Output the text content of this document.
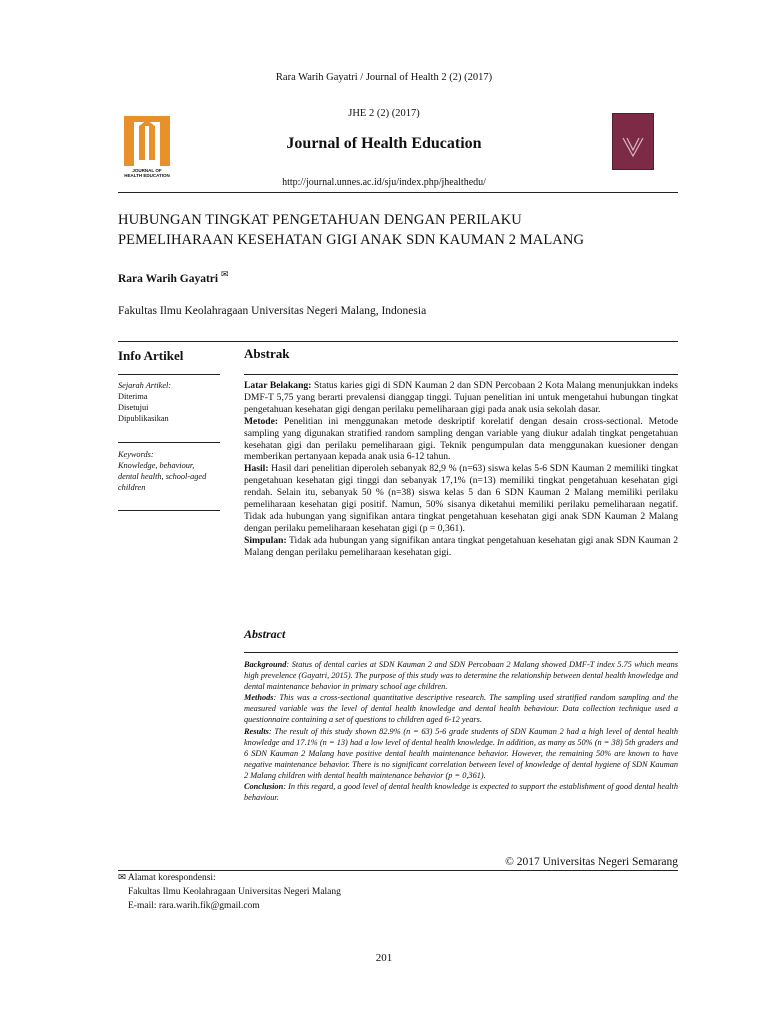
Rara Warih Gayatri / Journal of Health 2 (2) (2017)
JOURNAL OF
HEALTH EDUCATION
JHE 2 (2) (2017)
Journal of Health Education
http://journal.unnes.ac.id/sju/index.php/jhealthedu/
HUBUNGAN TINGKAT PENGETAHUAN DENGAN PERILAKU
PEMELIHARAAN KESEHATAN GIGI ANAK SDN KAUMAN 2 MALANG
Rara Warih Gayatri ✉
Fakultas Ilmu Keolahragaan Universitas Negeri Malang, Indonesia
Info Artikel	Abstrak
Sejarah Artikel:
Diterima
Disetujui
Dipublikasikan
Keywords:
Knowledge, behaviour,
dental health, school-aged
children

Latar Belakang: Status karies gigi di SDN Kauman 2 dan SDN Percobaan 2 Kota Malang menunjukkan indeks DMF-T 5,75 yang berarti prevalensi dianggap tinggi. Tujuan penelitian ini untuk mengetahui hubungan tingkat pengetahuan kesehatan gigi dengan perilaku pemeliharaan gigi pada anak usia sekolah dasar.

Metode: Penelitian ini menggunakan metode deskriptif korelatif dengan desain cross-sectional. Metode sampling yang digunakan stratified random sampling dengan variable yang diukur adalah tingkat pengetahuan kesehatan gigi dan perilaku pemeliharaan gigi. Teknik pengumpulan data menggunakan kuesioner dengan memberikan pertanyaan kepada anak usia 6-12 tahun.

Hasil: Hasil dari penelitian diperoleh sebanyak 82,9 % (n=63) siswa kelas 5-6 SDN Kauman 2 memiliki tingkat pengetahuan kesehatan gigi tinggi dan sebanyak 17,1% (n=13) memiliki tingkat pengetahuan kesehatan gigi rendah. Selain itu, sebanyak 50 % (n=38) siswa kelas 5 dan 6 SDN Kauman 2 Malang memiliki perilaku pemeliharaan kesehatan gigi positif. Namun, 50% sisanya diketahui memiliki perilaku pemeliharaan negatif. Tidak ada hubungan yang signifikan antara tingkat pengetahuan kesehatan gigi anak SDN Kauman 2 Malang dengan perilaku pemeliharaan kesehatan gigi (p = 0,361).

Simpulan: Tidak ada hubungan yang signifikan antara tingkat pengetahuan kesehatan gigi anak SDN Kauman 2 Malang dengan perilaku pemeliharaan kesehatan gigi.

Abstract

Background: Status of dental caries at SDN Kauman 2 and SDN Percobaan 2 Malang showed DMF-T index 5.75 which means high prevelence (Gayatri, 2015). The purpose of this study was to determine the relationship between dental health knowledge and dental maintenance behavior in primary school age children.

Methods: This was a cross-sectional quantitative descriptive research. The sampling used stratified random sampling and the measured variable was the level of dental health knowledge and dental health behaviour. Data collection technique used a questionnaire containing a set of questions to children aged 6-12 years.

Results: The result of this study shown 82.9% (n = 63) 5-6 grade students of SDN Kauman 2 had a high level of dental health knowledge and 17.1% (n = 13) had a low level of dental health knowledge. In addition, as many as 50% (n = 38) 5th graders and 6 SDN Kauman 2 Malang have positive dental health maintenance behavior. However, the remaining 50% are known to have negative maintenance behavior. There is no significant correlation between level of knowledge of dental hygiene of SDN Kauman 2 Malang children with dental health maintenance behavior (p = 0,361).

Conclusion: In this regard, a good level of dental health knowledge is expected to support the establishment of good dental health behaviour.

© 2017 Universitas Negeri Semarang
✉ Alamat korespondensi:
Fakultas Ilmu Keolahragaan Universitas Negeri Malang
E-mail: rara.warih.fik@gmail.com
201
